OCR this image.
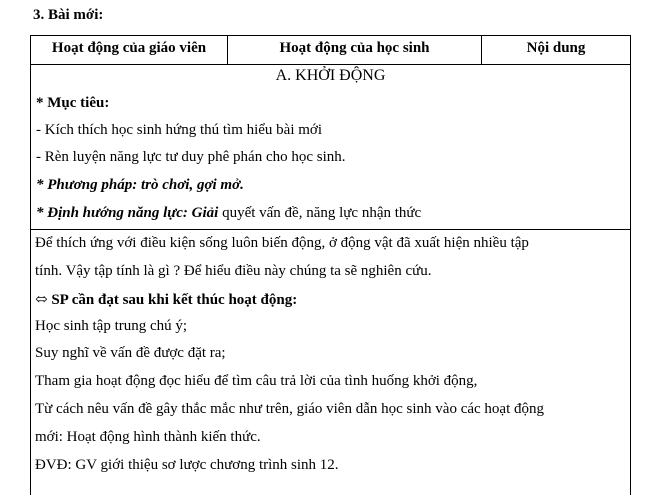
3. Bài mới:
Hoạt động của giáo viên	Hoạt động của học sinh	Nội dung
A. KHỞI ĐỘNG
* Mục tiêu:
- Kích thích học sinh hứng thú tìm hiểu bài mới
- Rèn luyện năng lực tư duy phê phán cho học sinh.
* Phương pháp: trò chơi, gợi mở.
* Định hướng năng lực: Giải quyết vấn đề, năng lực nhận thức
Để thích ứng với điều kiện sống luôn biến động, ở động vật đã xuất hiện nhiều tập
tính. Vậy tập tính là gì ? Để hiểu điều này chúng ta sẽ nghiên cứu.
⬄ SP cần đạt sau khi kết thúc hoạt động:
Học sinh tập trung chú ý;
Suy nghĩ về vấn đề được đặt ra;
Tham gia hoạt động đọc hiểu để tìm câu trả lời của tình huống khởi động,
Từ cách nêu vấn đề gây thắc mắc như trên, giáo viên dẫn học sinh vào các hoạt động
mới: Hoạt động hình thành kiến thức.
ĐVĐ: GV giới thiệu sơ lược chương trình sinh 12.
